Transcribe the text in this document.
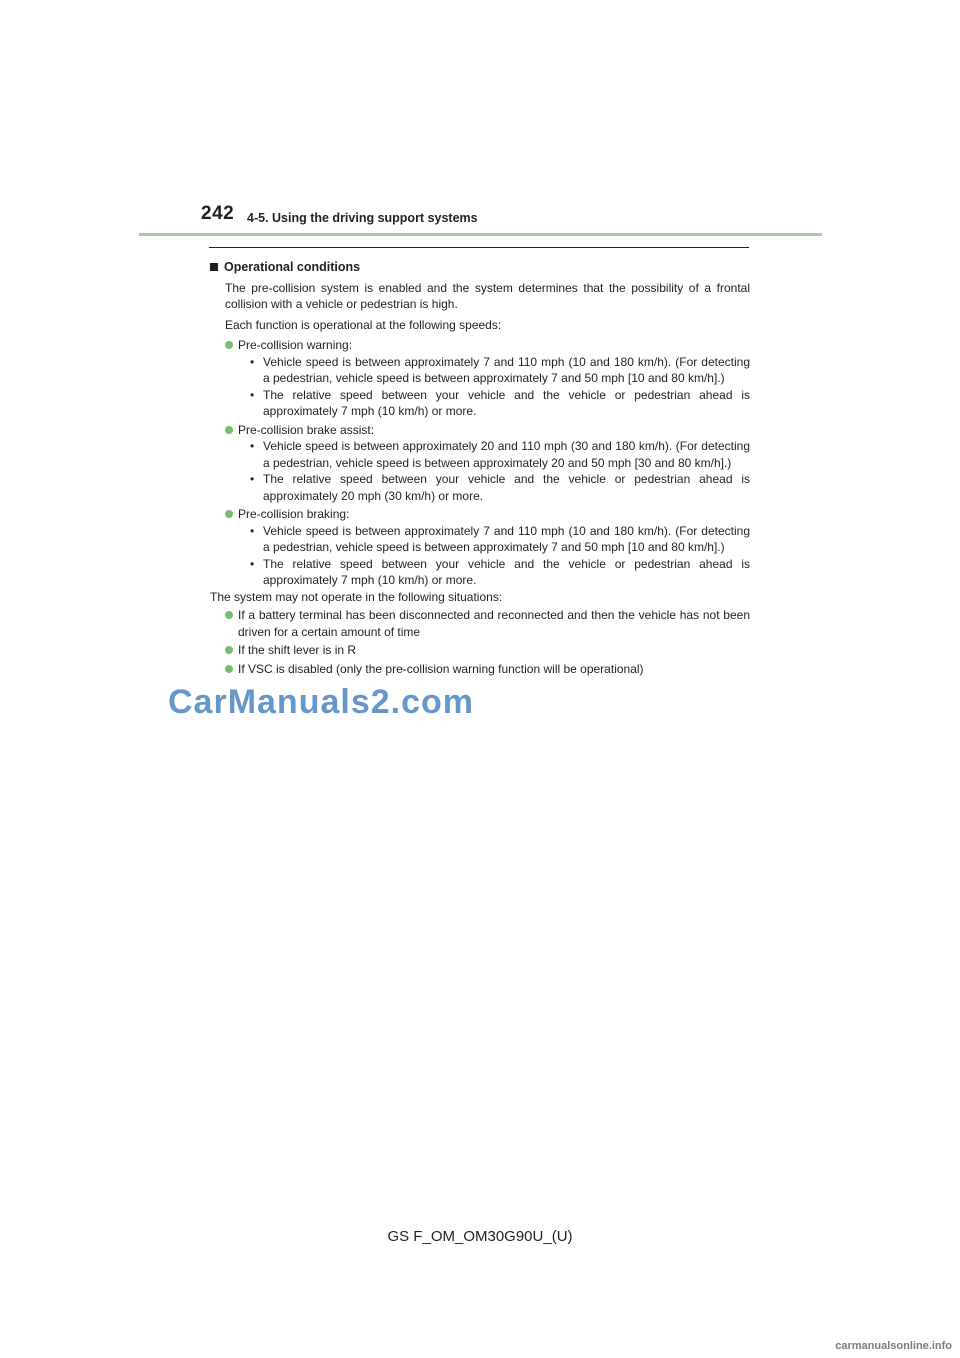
242 4-5. Using the driving support systems
Operational conditions
The pre-collision system is enabled and the system determines that the possibility of a frontal collision with a vehicle or pedestrian is high.
Each function is operational at the following speeds:
Pre-collision warning:
• Vehicle speed is between approximately 7 and 110 mph (10 and 180 km/h). (For detecting a pedestrian, vehicle speed is between approximately 7 and 50 mph [10 and 80 km/h].)
• The relative speed between your vehicle and the vehicle or pedestrian ahead is approximately 7 mph (10 km/h) or more.
Pre-collision brake assist:
• Vehicle speed is between approximately 20 and 110 mph (30 and 180 km/h). (For detecting a pedestrian, vehicle speed is between approximately 20 and 50 mph [30 and 80 km/h].)
• The relative speed between your vehicle and the vehicle or pedestrian ahead is approximately 20 mph (30 km/h) or more.
Pre-collision braking:
• Vehicle speed is between approximately 7 and 110 mph (10 and 180 km/h). (For detecting a pedestrian, vehicle speed is between approximately 7 and 50 mph [10 and 80 km/h].)
• The relative speed between your vehicle and the vehicle or pedestrian ahead is approximately 7 mph (10 km/h) or more.
The system may not operate in the following situations:
If a battery terminal has been disconnected and reconnected and then the vehicle has not been driven for a certain amount of time
If the shift lever is in R
If VSC is disabled (only the pre-collision warning function will be operational)
CarManuals2.com
GS F_OM_OM30G90U_(U)
carmanualsonline.info
